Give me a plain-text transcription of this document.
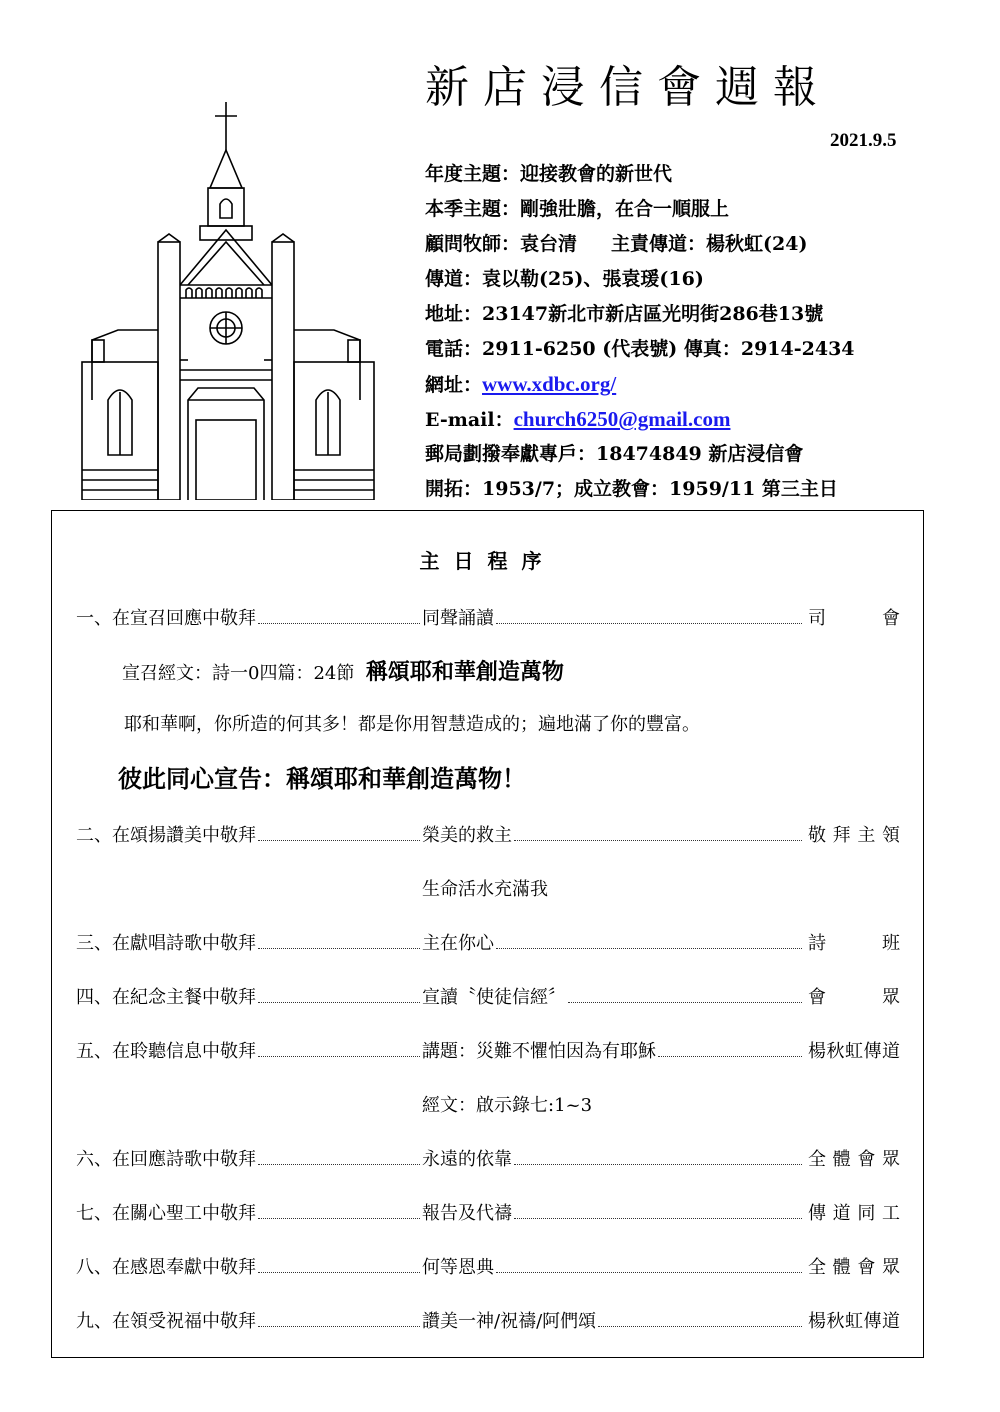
新店浸信會週報
2021.9.5
年度主題：迎接教會的新世代
本季主題：剛強壯膽，在合一順服上
顧問牧師：袁台清 主責傳道：楊秋虹(24)
傳道：袁以勒(25)、張袁瑗(16)
地址：23147新北市新店區光明街286巷13號
電話：2911-6250 (代表號) 傳真：2914-2434
網址：www.xdbc.org/
E-mail：church6250@gmail.com
郵局劃撥奉獻專戶：18474849 新店浸信會
開拓：1953/7；成立教會：1959/11 第三主日
主日程序
一、在宣召回應中敬拜	同聲誦讀	司會
宣召經文：詩一0四篇：24節 稱頌耶和華創造萬物
耶和華啊，你所造的何其多！都是你用智慧造成的；遍地滿了你的豐富。
彼此同心宣告：稱頌耶和華創造萬物！
二、在頌揚讚美中敬拜	榮美的救主	敬拜主領
生命活水充滿我
三、在獻唱詩歌中敬拜	主在你心	詩班
四、在紀念主餐中敬拜	宣讀〝使徒信經〞	會眾
五、在聆聽信息中敬拜	講題：災難不懼怕因為有耶穌	楊秋虹傳道
經文：啟示錄七:1~3
六、在回應詩歌中敬拜	永遠的依靠	全體會眾
七、在關心聖工中敬拜	報告及代禱	傳道同工
八、在感恩奉獻中敬拜	何等恩典	全體會眾
九、在領受祝福中敬拜	讚美一神/祝禱/阿們頌	楊秋虹傳道
